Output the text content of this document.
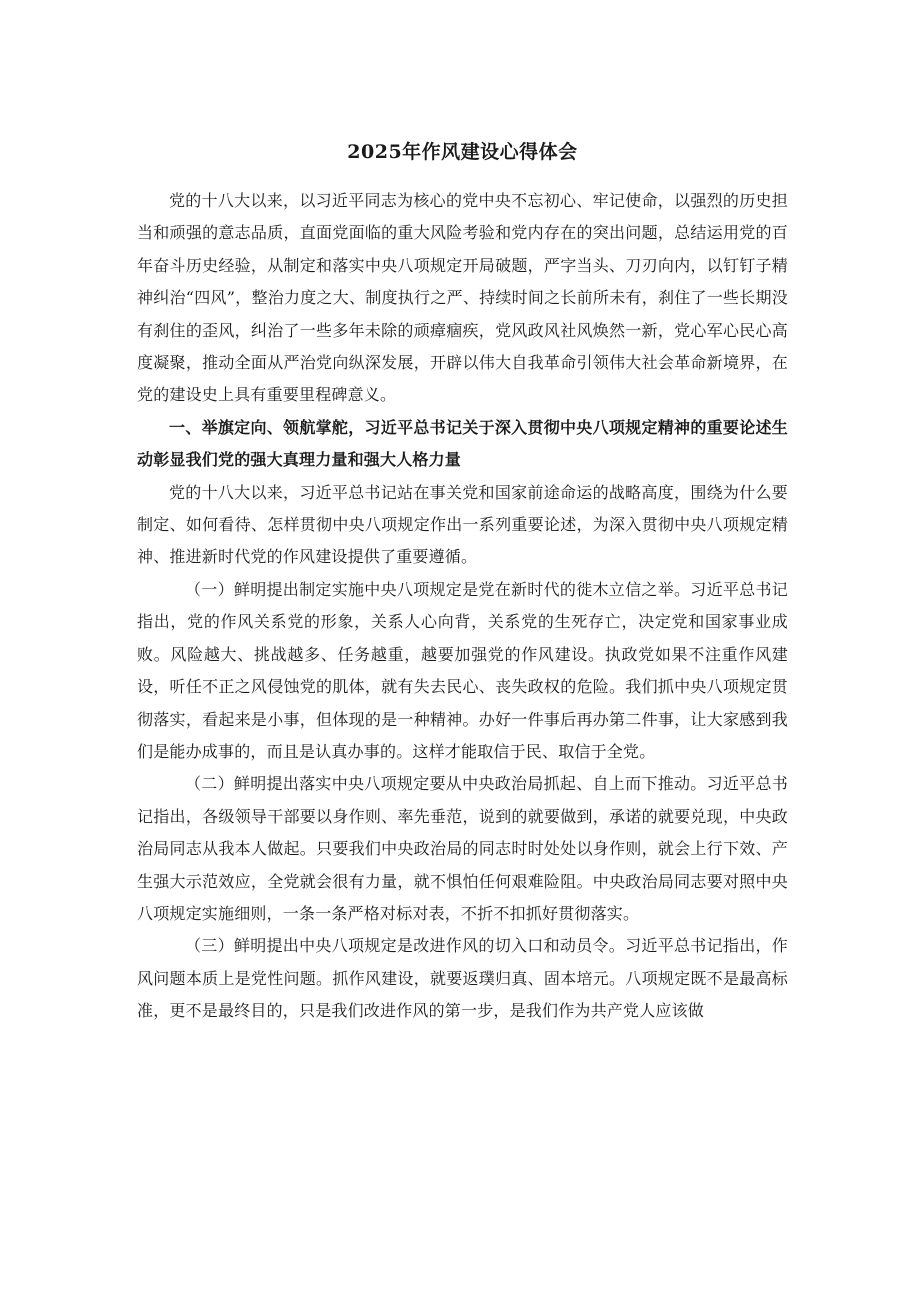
2025年作风建设心得体会

党的十八大以来，以习近平同志为核心的党中央不忘初心、牢记使命，以强烈的历史担当和顽强的意志品质，直面党面临的重大风险考验和党内存在的突出问题，总结运用党的百年奋斗历史经验，从制定和落实中央八项规定开局破题，严字当头、刀刃向内，以钉钉子精神纠治“四风”，整治力度之大、制度执行之严、持续时间之长前所未有，刹住了一些长期没有刹住的歪风，纠治了一些多年未除的顽瘴痼疾，党风政风社风焕然一新，党心军心民心高度凝聚，推动全面从严治党向纵深发展，开辟以伟大自我革命引领伟大社会革命新境界，在党的建设史上具有重要里程碑意义。

一、举旗定向、领航掌舵，习近平总书记关于深入贯彻中央八项规定精神的重要论述生动彰显我们党的强大真理力量和强大人格力量

党的十八大以来，习近平总书记站在事关党和国家前途命运的战略高度，围绕为什么要制定、如何看待、怎样贯彻中央八项规定作出一系列重要论述，为深入贯彻中央八项规定精神、推进新时代党的作风建设提供了重要遵循。

（一）鲜明提出制定实施中央八项规定是党在新时代的徙木立信之举。习近平总书记指出，党的作风关系党的形象，关系人心向背，关系党的生死存亡，决定党和国家事业成败。风险越大、挑战越多、任务越重，越要加强党的作风建设。执政党如果不注重作风建设，听任不正之风侵蚀党的肌体，就有失去民心、丧失政权的危险。我们抓中央八项规定贯彻落实，看起来是小事，但体现的是一种精神。办好一件事后再办第二件事，让大家感到我们是能办成事的，而且是认真办事的。这样才能取信于民、取信于全党。

（二）鲜明提出落实中央八项规定要从中央政治局抓起、自上而下推动。习近平总书记指出，各级领导干部要以身作则、率先垂范，说到的就要做到，承诺的就要兑现，中央政治局同志从我本人做起。只要我们中央政治局的同志时时处处以身作则，就会上行下效、产生强大示范效应，全党就会很有力量，就不惧怕任何艰难险阻。中央政治局同志要对照中央八项规定实施细则，一条一条严格对标对表，不折不扣抓好贯彻落实。

（三）鲜明提出中央八项规定是改进作风的切入口和动员令。习近平总书记指出，作风问题本质上是党性问题。抓作风建设，就要返璞归真、固本培元。八项规定既不是最高标准，更不是最终目的，只是我们改进作风的第一步，是我们作为共产党人应该做
